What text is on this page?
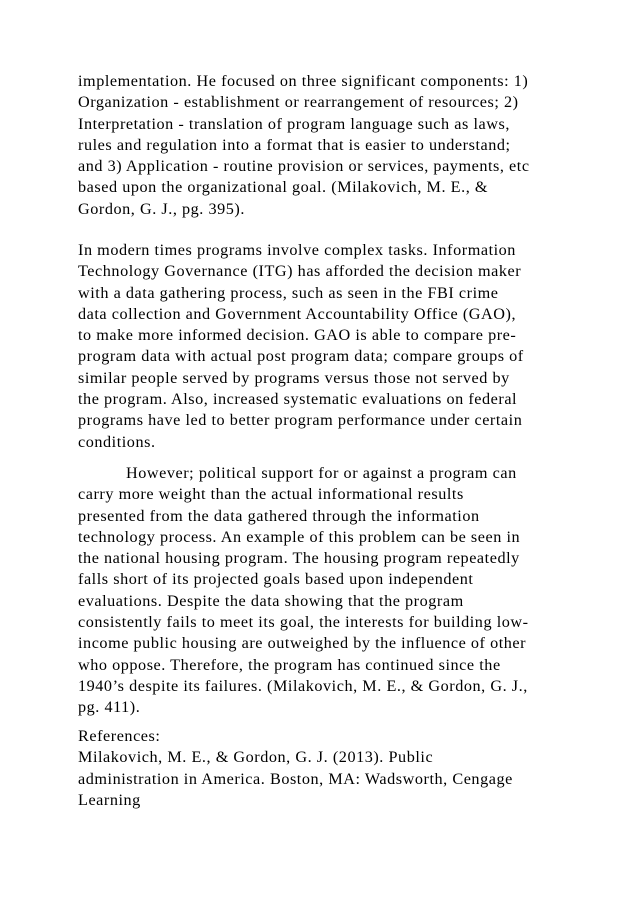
implementation. He focused on three significant components: 1)
Organization - establishment or rearrangement of resources; 2)
Interpretation - translation of program language such as laws,
rules and regulation into a format that is easier to understand;
and 3) Application - routine provision or services, payments, etc
based upon the organizational goal. (Milakovich, M. E., &
Gordon, G. J., pg. 395).
In modern times programs involve complex tasks. Information
Technology Governance (ITG) has afforded the decision maker
with a data gathering process, such as seen in the FBI crime
data collection and Government Accountability Office (GAO),
to make more informed decision. GAO is able to compare pre-
program data with actual post program data; compare groups of
similar people served by programs versus those not served by
the program. Also, increased systematic evaluations on federal
programs have led to better program performance under certain
conditions.
However; political support for or against a program can
carry more weight than the actual informational results
presented from the data gathered through the information
technology process. An example of this problem can be seen in
the national housing program. The housing program repeatedly
falls short of its projected goals based upon independent
evaluations. Despite the data showing that the program
consistently fails to meet its goal, the interests for building low-
income public housing are outweighed by the influence of other
who oppose. Therefore, the program has continued since the
1940’s despite its failures. (Milakovich, M. E., & Gordon, G. J.,
pg. 411).
References:
Milakovich, M. E., & Gordon, G. J. (2013). Public
administration in America. Boston, MA: Wadsworth, Cengage
Learning
